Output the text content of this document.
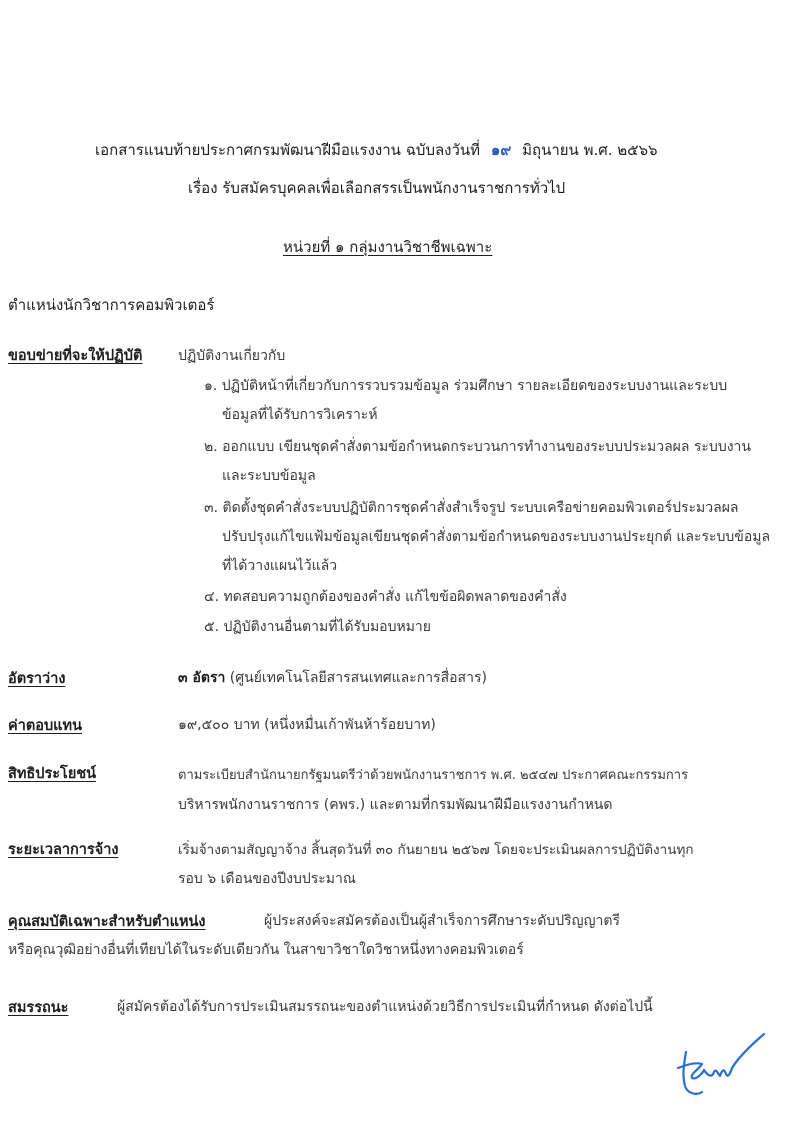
เอกสารแนบท้ายประกาศกรมพัฒนาฝีมือแรงงาน ฉบับลงวันที่ ๑๙ มิถุนายน พ.ศ. ๒๕๖๖
เรื่อง รับสมัครบุคคลเพื่อเลือกสรรเป็นพนักงานราชการทั่วไป
หน่วยที่ ๑ กลุ่มงานวิชาชีพเฉพาะ
ตำแหน่งนักวิชาการคอมพิวเตอร์
ขอบข่ายที่จะให้ปฏิบัติ	ปฏิบัติงานเกี่ยวกับ
๑. ปฏิบัติหน้าที่เกี่ยวกับการรวบรวมข้อมูล ร่วมศึกษา รายละเอียดของระบบงานและระบบ
ข้อมูลที่ได้รับการวิเคราะห์
๒. ออกแบบ เขียนชุดคำสั่งตามข้อกำหนดกระบวนการทำงานของระบบประมวลผล ระบบงาน
และระบบข้อมูล
๓. ติดตั้งชุดคำสั่งระบบปฏิบัติการชุดคำสั่งสำเร็จรูป ระบบเครือข่ายคอมพิวเตอร์ประมวลผล
ปรับปรุงแก้ไขแฟ้มข้อมูลเขียนชุดคำสั่งตามข้อกำหนดของระบบงานประยุกต์ และระบบข้อมูล
ที่ได้วางแผนไว้แล้ว
๔. ทดสอบความถูกต้องของคำสั่ง แก้ไขข้อผิดพลาดของคำสั่ง
๕. ปฏิบัติงานอื่นตามที่ได้รับมอบหมาย
อัตราว่าง	๓ อัตรา (ศูนย์เทคโนโลยีสารสนเทศและการสื่อสาร)
ค่าตอบแทน	๑๙,๕๐๐ บาท (หนึ่งหมื่นเก้าพันห้าร้อยบาท)
สิทธิประโยชน์	ตามระเบียบสำนักนายกรัฐมนตรีว่าด้วยพนักงานราชการ พ.ศ. ๒๕๔๗ ประกาศคณะกรรมการ
บริหารพนักงานราชการ (คพร.) และตามที่กรมพัฒนาฝีมือแรงงานกำหนด
ระยะเวลาการจ้าง	เริ่มจ้างตามสัญญาจ้าง สิ้นสุดวันที่ ๓๐ กันยายน ๒๕๖๗ โดยจะประเมินผลการปฏิบัติงานทุก
รอบ ๖ เดือนของปีงบประมาณ
คุณสมบัติเฉพาะสำหรับตำแหน่ง	ผู้ประสงค์จะสมัครต้องเป็นผู้สำเร็จการศึกษาระดับปริญญาตรี
หรือคุณวุฒิอย่างอื่นที่เทียบได้ในระดับเดียวกัน ในสาขาวิชาใดวิชาหนึ่งทางคอมพิวเตอร์
สมรรถนะ	ผู้สมัครต้องได้รับการประเมินสมรรถนะของตำแหน่งด้วยวิธีการประเมินที่กำหนด ดังต่อไปนี้
